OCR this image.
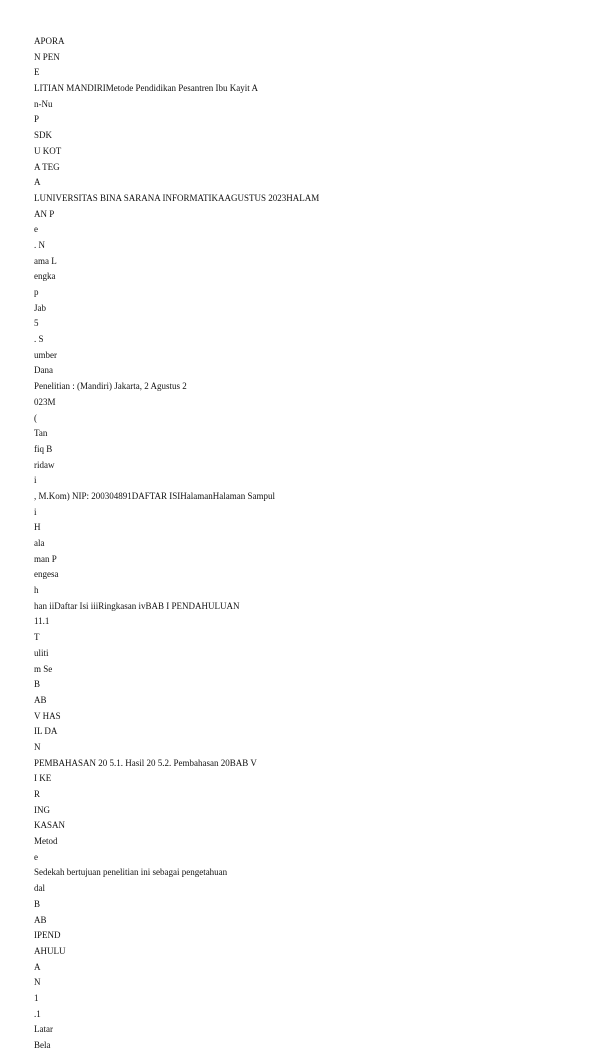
APORA
N PEN
E
LITIAN MANDIRIMetode Pendidikan Pesantren Ibu Kayit A
n-Nu
P
SDK
U KOT
A TEG
A
LUNIVERSITAS BINA SARANA INFORMATIKAAGUSTUS 2023HALAM
AN P
e
. N
ama L
engka
p
Jab
5
. S
umber
Dana
Penelitian : (Mandiri) Jakarta, 2 Agustus 2
023M
(
Tan
fiq B
ridaw
i
, M.Kom) NIP: 200304891DAFTAR ISIHalamanHalaman Sampul
i
H
ala
man P
engesa
h
han iiDaftar Isi iiiRingkasan ivBAB I PENDAHULUAN
11.1
T
uliti
m Se
B
AB
V HAS
IL DA
N
PEMBAHASAN 20 5.1. Hasil 20 5.2. Pembahasan 20BAB V
I KE
R
ING
KASAN
Metod
e
Sedekah bertujuan penelitian ini sebagai pengetahuan
dal
B
AB
IPEND
AHULU
A
N
1
.1
Latar
Bela
